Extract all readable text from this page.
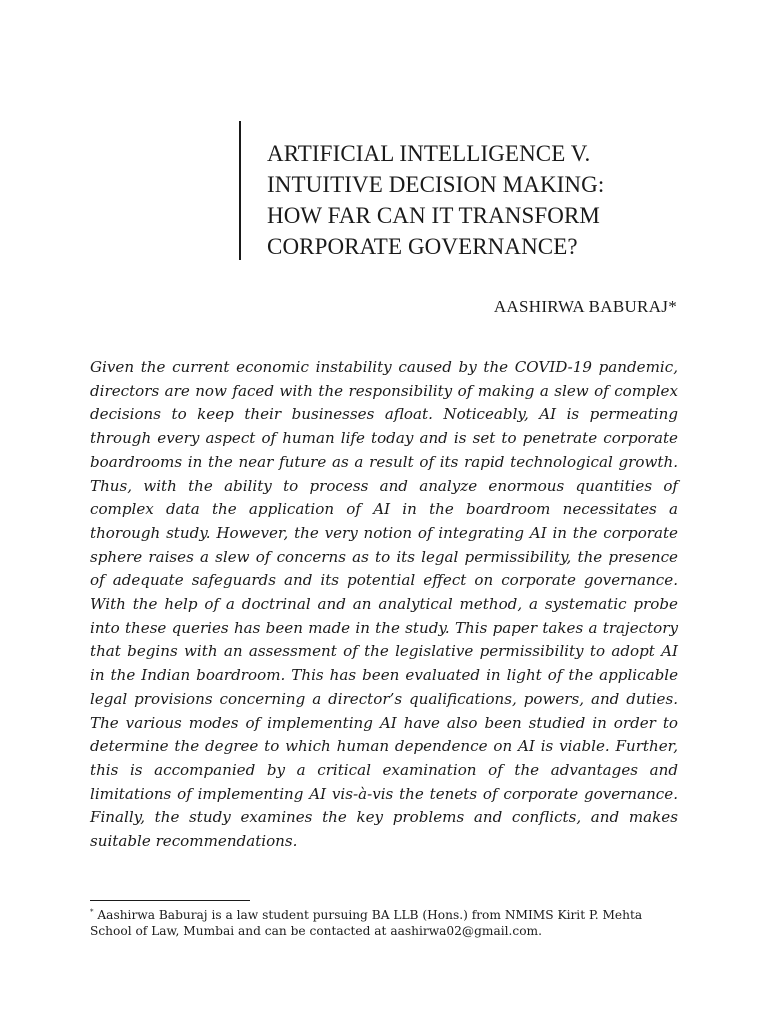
ARTIFICIAL INTELLIGENCE V.
INTUITIVE DECISION MAKING:
HOW FAR CAN IT TRANSFORM
CORPORATE GOVERNANCE?
AASHIRWA BABURAJ*
Given the current economic instability caused by the COVID-19 pandemic, directors are now faced with the responsibility of making a slew of complex decisions to keep their businesses afloat. Noticeably, AI is permeating through every aspect of human life today and is set to penetrate corporate boardrooms in the near future as a result of its rapid technological growth. Thus, with the ability to process and analyze enormous quantities of complex data the application of AI in the boardroom necessitates a thorough study. However, the very notion of integrating AI in the corporate sphere raises a slew of concerns as to its legal permissibility, the presence of adequate safeguards and its potential effect on corporate governance. With the help of a doctrinal and an analytical method, a systematic probe into these queries has been made in the study. This paper takes a trajectory that begins with an assessment of the legislative permissibility to adopt AI in the Indian boardroom. This has been evaluated in light of the applicable legal provisions concerning a director’s qualifications, powers, and duties. The various modes of implementing AI have also been studied in order to determine the degree to which human dependence on AI is viable. Further, this is accompanied by a critical examination of the advantages and limitations of implementing AI vis-à-vis the tenets of corporate governance. Finally, the study examines the key problems and conflicts, and makes suitable recommendations.
* Aashirwa Baburaj is a law student pursuing BA LLB (Hons.) from NMIMS Kirit P. Mehta School of Law, Mumbai and can be contacted at aashirwa02@gmail.com.
